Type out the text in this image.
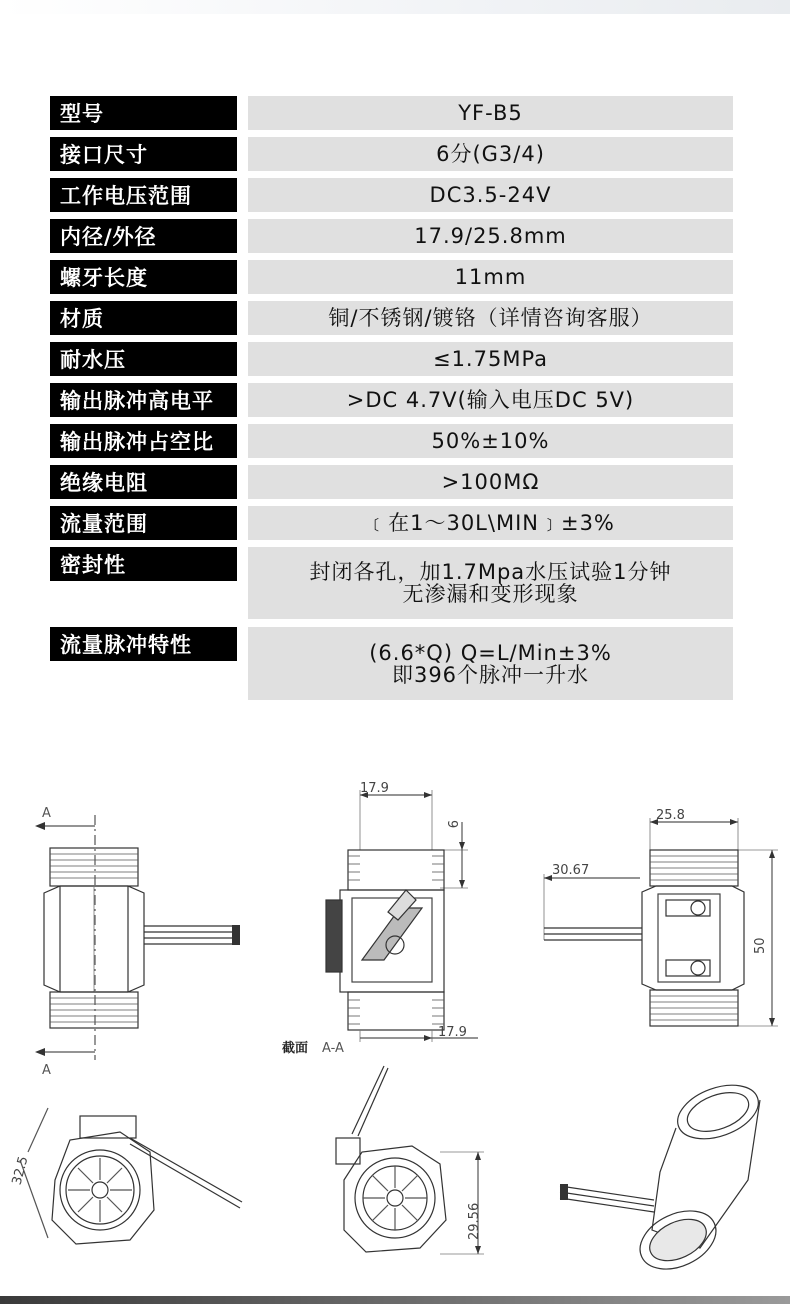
型号	YF-B5
接口尺寸	6分(G3/4)
工作电压范围	DC3.5-24V
内径/外径	17.9/25.8mm
螺牙长度	11mm
材质	铜/不锈钢/镀铬（详情咨询客服）
耐水压	≤1.75MPa
输出脉冲高电平	>DC 4.7V(输入电压DC 5V)
输出脉冲占空比	50%±10%
绝缘电阻	>100MΩ
流量范围	﹝在1～30L\MIN﹞±3%
密封性	封闭各孔，加1.7Mpa水压试验1分钟
无渗漏和变形现象
流量脉冲特性	(6.6*Q) Q=L/Min±3%
即396个脉冲一升水
A
A
17.9
9
17.9
截面 A-A
25.8
30.67
50
32.5
29.56
